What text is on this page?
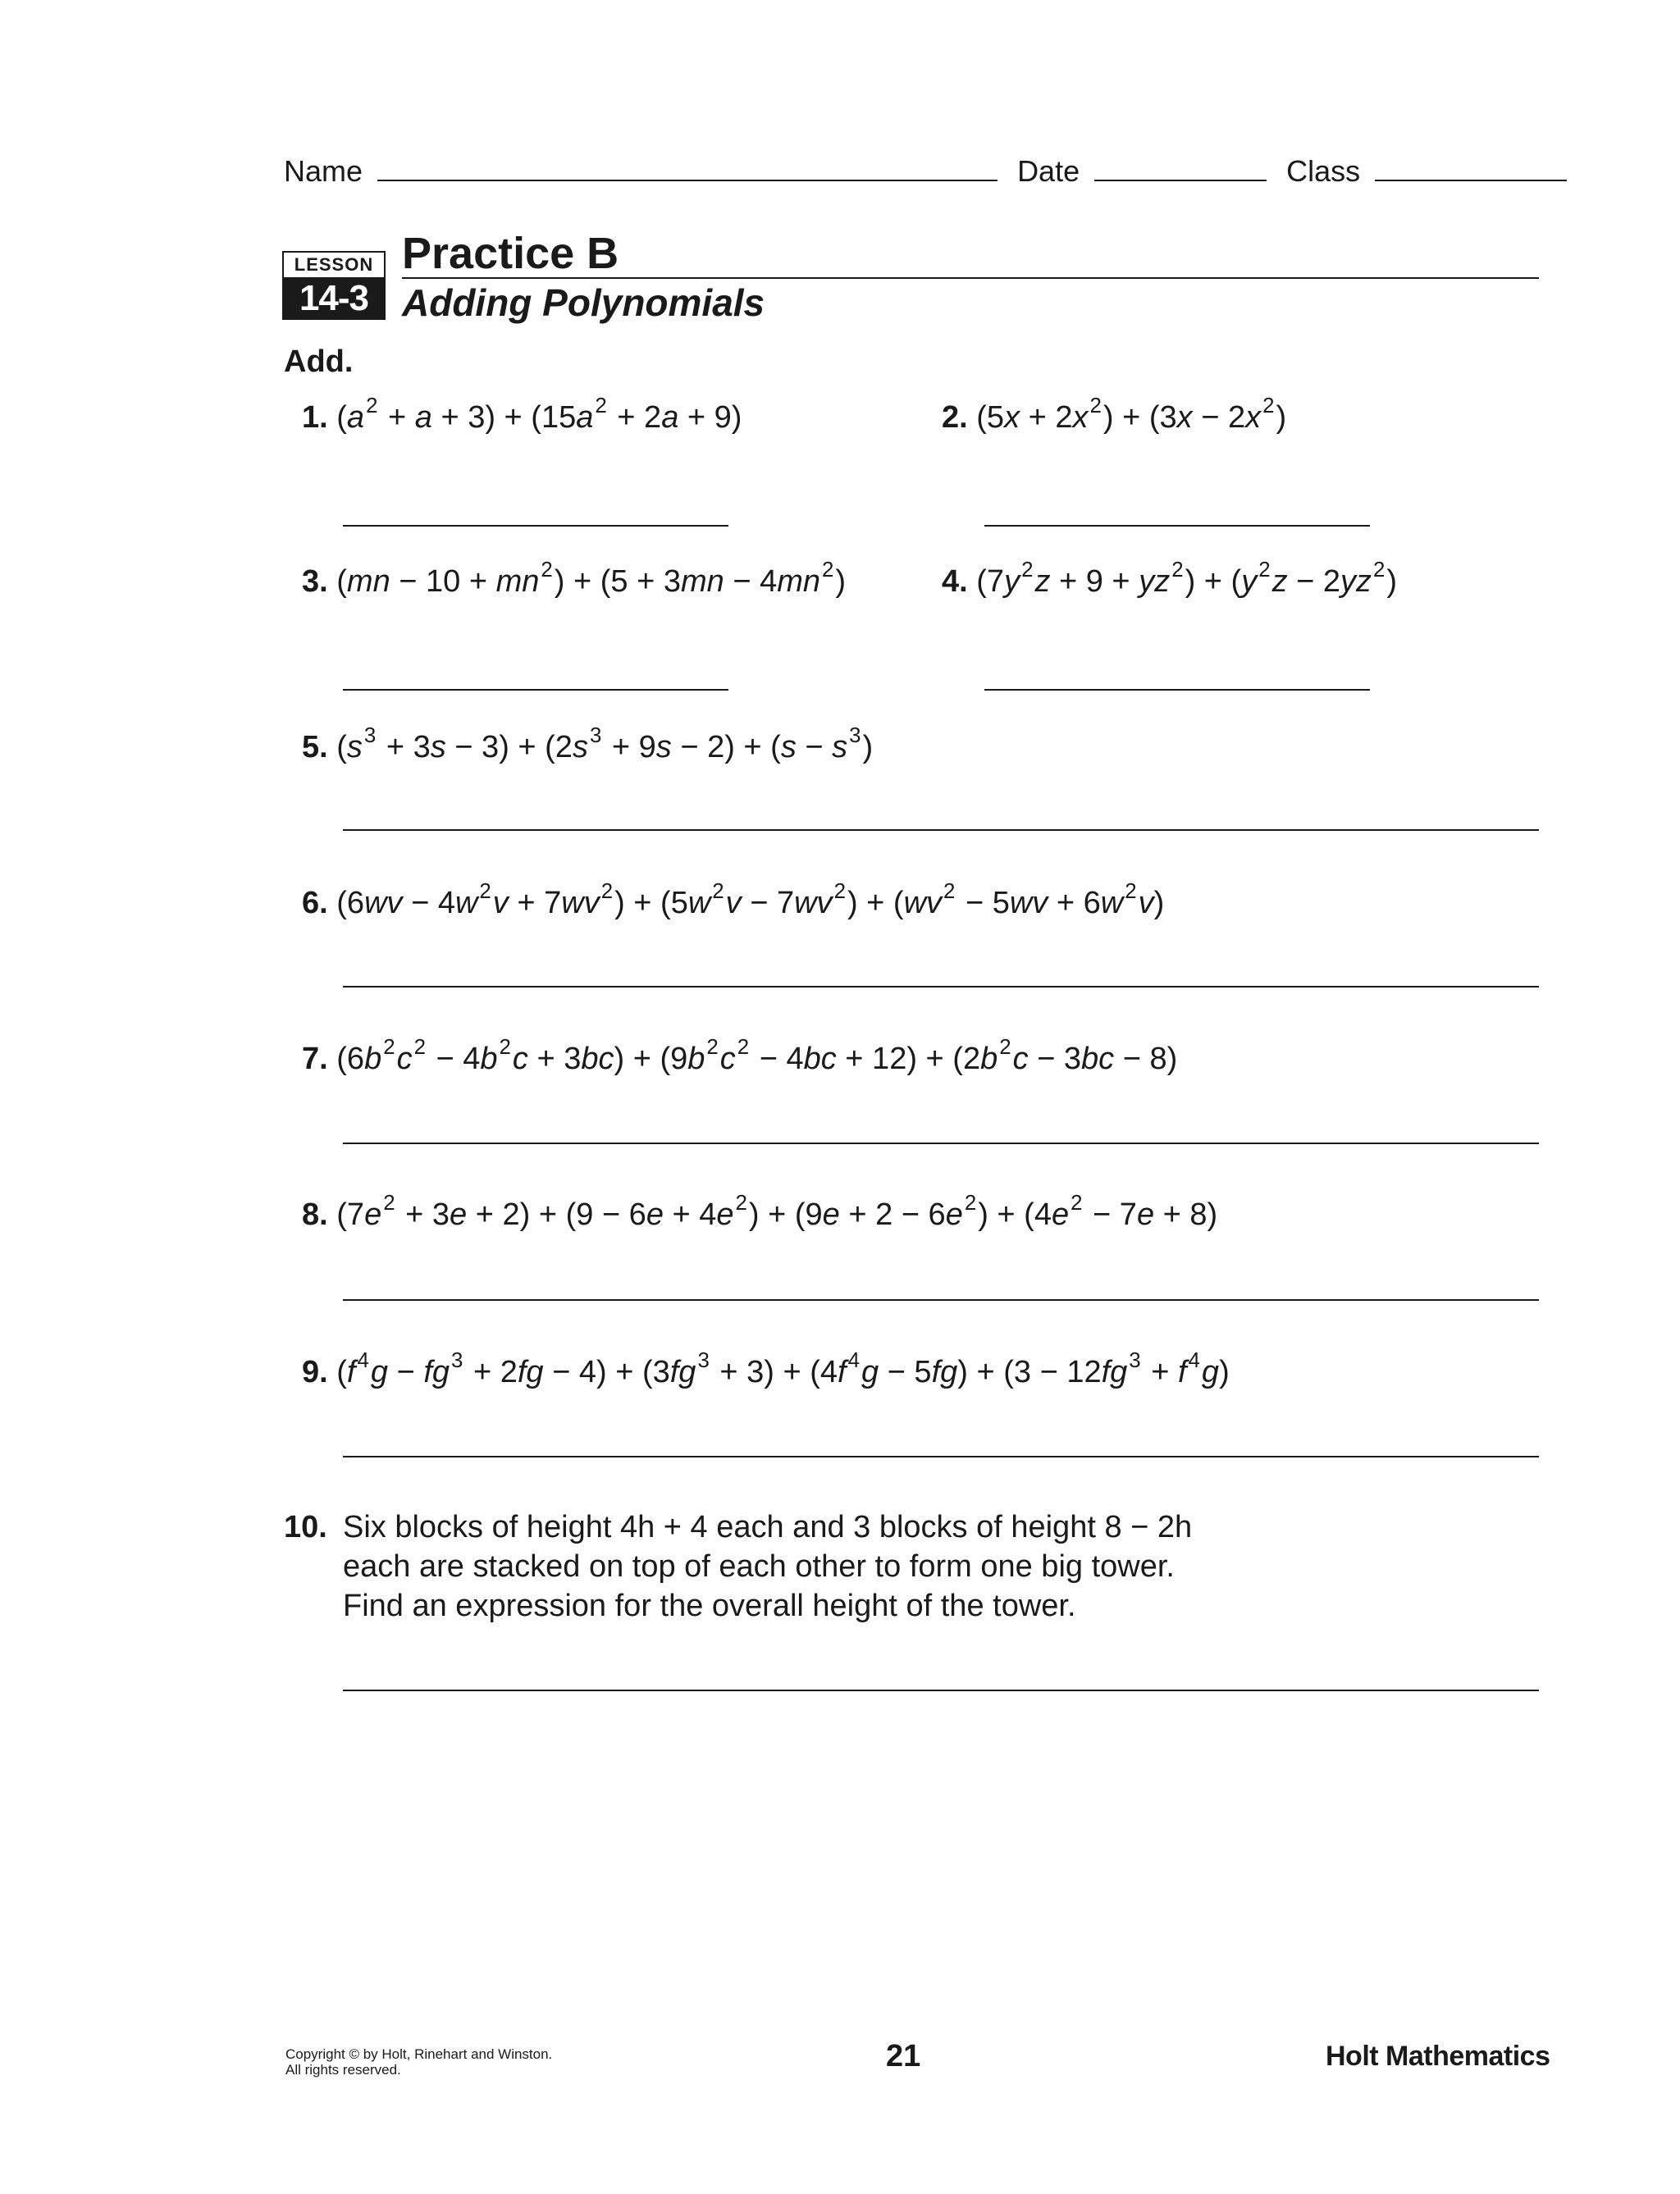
Name	Date	Class
LESSON
14-3
Practice B
Adding Polynomials
Add.
1. $(a^2 + a + 3) + (15a^2 + 2a + 9)$	2. $(5x + 2x^2) + (3x - 2x^2)$
3. $(mn - 10 + mn^2) + (5 + 3mn - 4mn^2)$	4. $(7y^2z + 9 + yz^2) + (y^2z - 2yz^2)$
5. $(s^3 + 3s - 3) + (2s^3 + 9s - 2) + (s - s^3)$
6. $(6wv - 4w^2v + 7wv^2) + (5w^2v - 7wv^2) + (wv^2 - 5wv + 6w^2v)$
7. $(6b^2c^2 - 4b^2c + 3bc) + (9b^2c^2 - 4bc + 12) + (2b^2c - 3bc - 8)$
8. $(7e^2 + 3e + 2) + (9 - 6e + 4e^2) + (9e + 2 - 6e^2) + (4e^2 - 7e + 8)$
9. $(f^4g - fg^3 + 2fg - 4) + (3fg^3 + 3) + (4f^4g - 5fg) + (3 - 12fg^3 + f^4g)$
10. Six blocks of height 4h + 4 each and 3 blocks of height 8 − 2h
each are stacked on top of each other to form one big tower.
Find an expression for the overall height of the tower.
Copyright © by Holt, Rinehart and Winston.
All rights reserved.	21	Holt Mathematics
